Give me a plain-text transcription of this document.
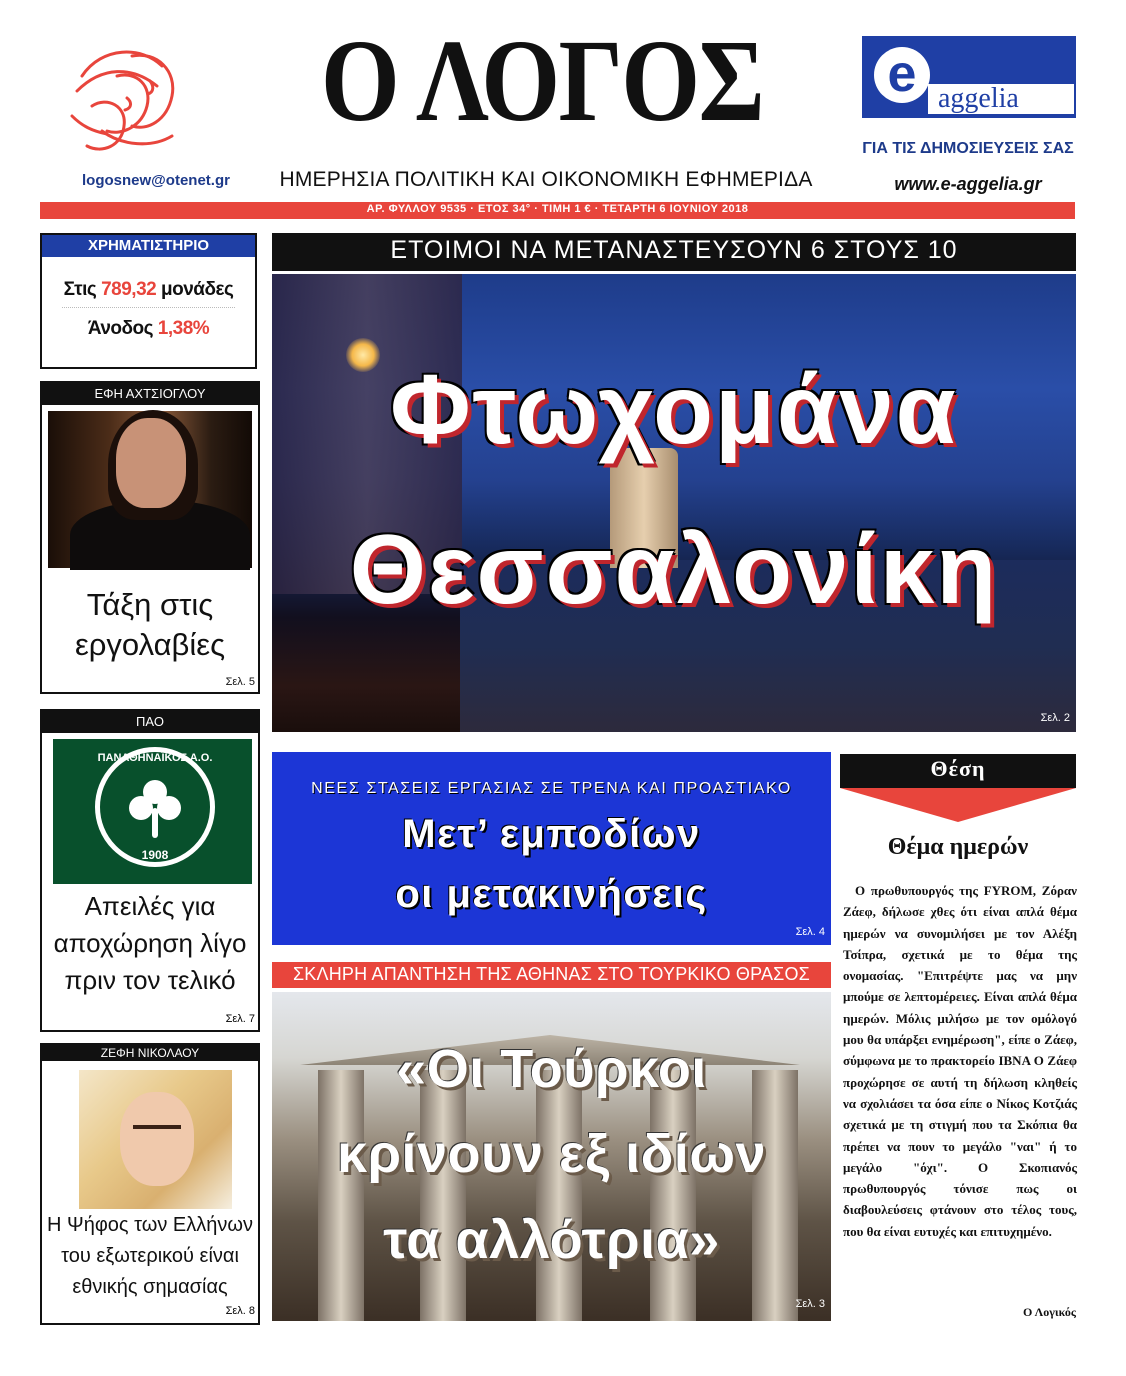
logosnew@otenet.gr
Ο ΛΟΓΟΣ
ΗΜΕΡΗΣΙΑ ΠΟΛΙΤΙΚΗ ΚΑΙ ΟΙΚΟΝΟΜΙΚΗ ΕΦΗΜΕΡΙΔΑ
e aggelia
ΓΙΑ ΤΙΣ ΔΗΜΟΣΙΕΥΣΕΙΣ ΣΑΣ
www.e-aggelia.gr
ΑΡ. ΦΥΛΛΟΥ 9535 · ΕΤΟΣ 34° · ΤΙΜΗ 1 € · ΤΕΤΑΡΤΗ 6 ΙΟΥΝΙΟΥ 2018
ΧΡΗΜΑΤΙΣΤΗΡΙΟ
Στις 789,32 μονάδες
Άνοδος 1,38%
ΕΦΗ ΑΧΤΣΙΟΓΛΟΥ
Τάξη στις
εργολαβίες
Σελ. 5
ΠΑΟ
ΠΑΝΑΘΗΝΑΪΚΟΣ Α.Ο.
1908
Απειλές για
αποχώρηση λίγο
πριν τον τελικό
Σελ. 7
ΖΕΦΗ ΝΙΚΟΛΑΟΥ
Η Ψήφος των Ελλήνων
του εξωτερικού είναι
εθνικής σημασίας
Σελ. 8
ΕΤΟΙΜΟΙ ΝΑ ΜΕΤΑΝΑΣΤΕΥΣΟΥΝ 6 ΣΤΟΥΣ 10
Φτωχομάνα
Θεσσαλονίκη
Σελ. 2
ΝΕΕΣ ΣΤΑΣΕΙΣ ΕΡΓΑΣΙΑΣ ΣΕ ΤΡΕΝΑ ΚΑΙ ΠΡΟΑΣΤΙΑΚΟ
Μετ’ εμποδίων
οι μετακινήσεις
Σελ. 4
ΣΚΛΗΡΗ ΑΠΑΝΤΗΣΗ ΤΗΣ ΑΘΗΝΑΣ ΣΤΟ ΤΟΥΡΚΙΚΟ ΘΡΑΣΟΣ
«Οι Τούρκοι
κρίνουν εξ ιδίων
τα αλλότρια»
Σελ. 3
Θέση
Θέμα ημερών
Ο πρωθυπουργός της FYROM, Ζόραν Ζάεφ, δήλωσε χθες ότι είναι απλά θέμα ημερών να συνομιλήσει με τον Αλέξη Τσίπρα, σχετικά με το θέμα της ονομασίας. "Επιτρέψτε μας να μην μπούμε σε λεπτομέρειες. Είναι απλά θέμα ημερών. Μόλις μιλήσω με τον ομόλογό μου θα υπάρξει ενημέρωση", είπε ο Ζάεφ, σύμφωνα με το πρακτορείο IBNA Ο Ζάεφ προχώρησε σε αυτή τη δήλωση κληθείς να σχολιάσει τα όσα είπε ο Νίκος Κοτζιάς σχετικά με τη στιγμή που τα Σκόπια θα πρέπει να πουν το μεγάλο "ναι" ή το μεγάλο "όχι". Ο Σκοπιανός πρωθυπουργός τόνισε πως οι διαβουλεύσεις φτάνουν στο τέλος τους, που θα είναι ευτυχές και επιτυχημένο.
Ο Λογικός
